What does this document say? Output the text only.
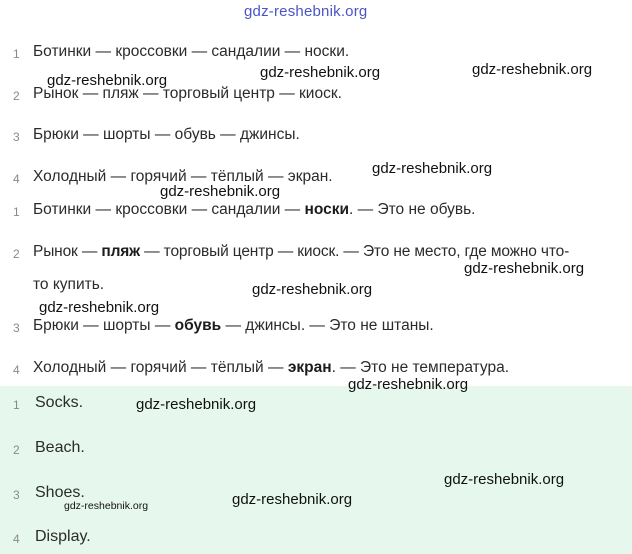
gdz-reshebnik.org
1 Ботинки — кроссовки — сандалии — носки.
2 Рынок — пляж — торговый центр — киоск.
3 Брюки — шорты — обувь — джинсы.
4 Холодный — горячий — тёплый — экран.
1 Ботинки — кроссовки — сандалии — носки. — Это не обувь.
2 Рынок — пляж — торговый центр — киоск. — Это не место, где можно что-
то купить.
3 Брюки — шорты — обувь — джинсы. — Это не штаны.
4 Холодный — горячий — тёплый — экран. — Это не температура.
1 Socks.
2 Beach.
3 Shoes.
4 Display.
gdz-reshebnik.org	gdz-reshebnik.org	gdz-reshebnik.org
gdz-reshebnik.org
gdz-reshebnik.org
gdz-reshebnik.org
gdz-reshebnik.org
gdz-reshebnik.org
gdz-reshebnik.org
gdz-reshebnik.org
gdz-reshebnik.org
gdz-reshebnik.org
gdz-reshebnik.org
